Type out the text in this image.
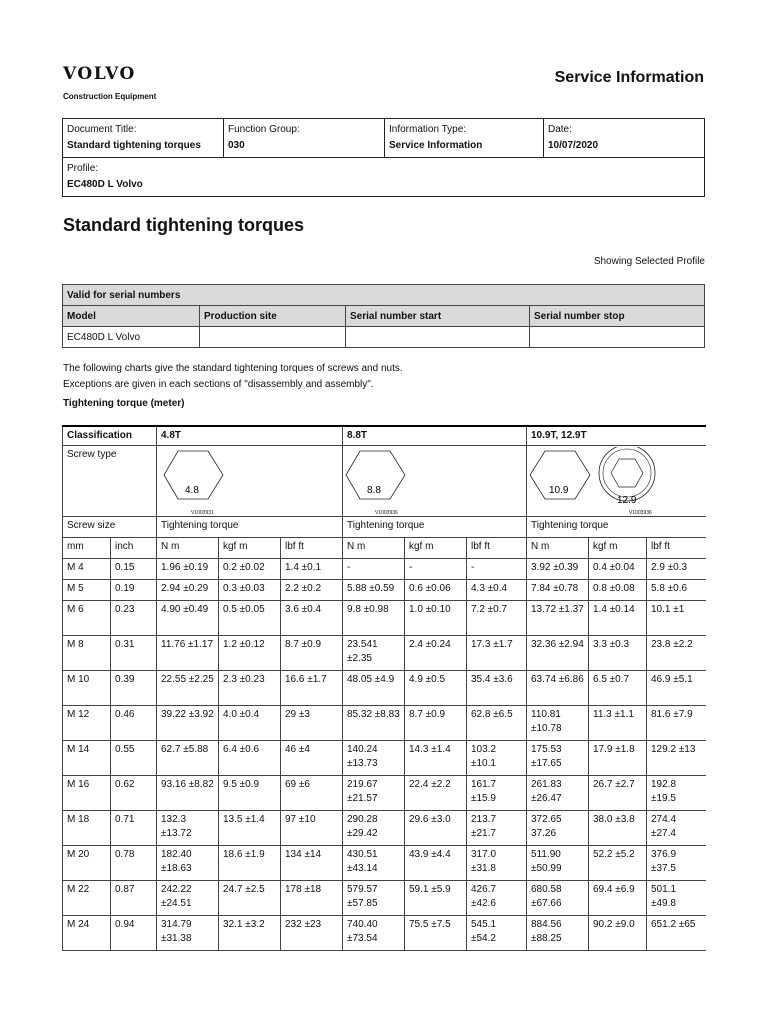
VOLVO
Construction Equipment
Service Information
Document Title:
Standard tightening torques

Function Group:
030

Information Type:
Service Information

Date:
10/07/2020

Profile:
EC480D L Volvo
Standard tightening torques
Showing Selected Profile
Valid for serial numbers			
Model	Production site	Serial number start	Serial number stop
EC480D L Volvo			
The following charts give the standard tightening torques of screws and nuts.
Exceptions are given in each sections of "disassembly and assembly".
Tightening torque (meter)
Classification		4.8T			8.8T			10.9T, 12.9T		
Screw type		4.8
V1003931			8.8
V1003936			10.9
12.9
V1003936		

Screw size		Tightening torque			Tightening torque			Tightening torque		
mm	inch	N m	kgf m	lbf ft	N m	kgf m	lbf ft	N m	kgf m	lbf ft
M 4	0.15	1.96 ±0.19	0.2 ±0.02	1.4 ±0.1	-	-	-	3.92 ±0.39	0.4 ±0.04	2.9 ±0.3
M 5	0.19	2.94 ±0.29	0.3 ±0.03	2.2 ±0.2	5.88 ±0.59	0.6 ±0.06	4.3 ±0.4	7.84 ±0.78	0.8 ±0.08	5.8 ±0.6
M 6	0.23	4.90 ±0.49	0.5 ±0.05	3.6 ±0.4	9.8 ±0.98	1.0 ±0.10	7.2 ±0.7	13.72 ±1.37	1.4 ±0.14	10.1 ±1
M 8	0.31	11.76 ±1.17	1.2 ±0.12	8.7 ±0.9	23.541 ±2.35	2.4 ±0.24	17.3 ±1.7	32.36 ±2.94	3.3 ±0.3	23.8 ±2.2
M 10	0.39	22.55 ±2.25	2.3 ±0.23	16.6 ±1.7	48.05 ±4.9	4.9 ±0.5	35.4 ±3.6	63.74 ±6.86	6.5 ±0.7	46.9 ±5.1
M 12	0.46	39.22 ±3.92	4.0 ±0.4	29 ±3	85.32 ±8.83	8.7 ±0.9	62.8 ±6.5	110.81 ±10.78	11.3 ±1.1	81.6 ±7.9
M 14	0.55	62.7 ±5.88	6.4 ±0.6	46 ±4	140.24 ±13.73	14.3 ±1.4	103.2 ±10.1	175.53 ±17.65	17.9 ±1.8	129.2 ±13
M 16	0.62	93.16 ±8.82	9.5 ±0.9	69 ±6	219.67 ±21.57	22.4 ±2.2	161.7 ±15.9	261.83 ±26.47	26.7 ±2.7	192.8 ±19.5
M 18	0.71	132.3 ±13.72	13.5 ±1.4	97 ±10	290.28 ±29.42	29.6 ±3.0	213.7 ±21.7	372.65 37.26	38.0 ±3.8	274.4 ±27.4
M 20	0.78	182.40 ±18.63	18.6 ±1.9	134 ±14	430.51 ±43.14	43.9 ±4.4	317.0 ±31.8	511.90 ±50.99	52.2 ±5.2	376.9 ±37.5
M 22	0.87	242.22 ±24.51	24.7 ±2.5	178 ±18	579.57 ±57.85	59.1 ±5.9	426.7 ±42.6	680.58 ±67.66	69.4 ±6.9	501.1 ±49.8
M 24	0.94	314.79 ±31.38	32.1 ±3.2	232 ±23	740.40 ±73.54	75.5 ±7.5	545.1 ±54.2	884.56 ±88.25	90.2 ±9.0	651.2 ±65
